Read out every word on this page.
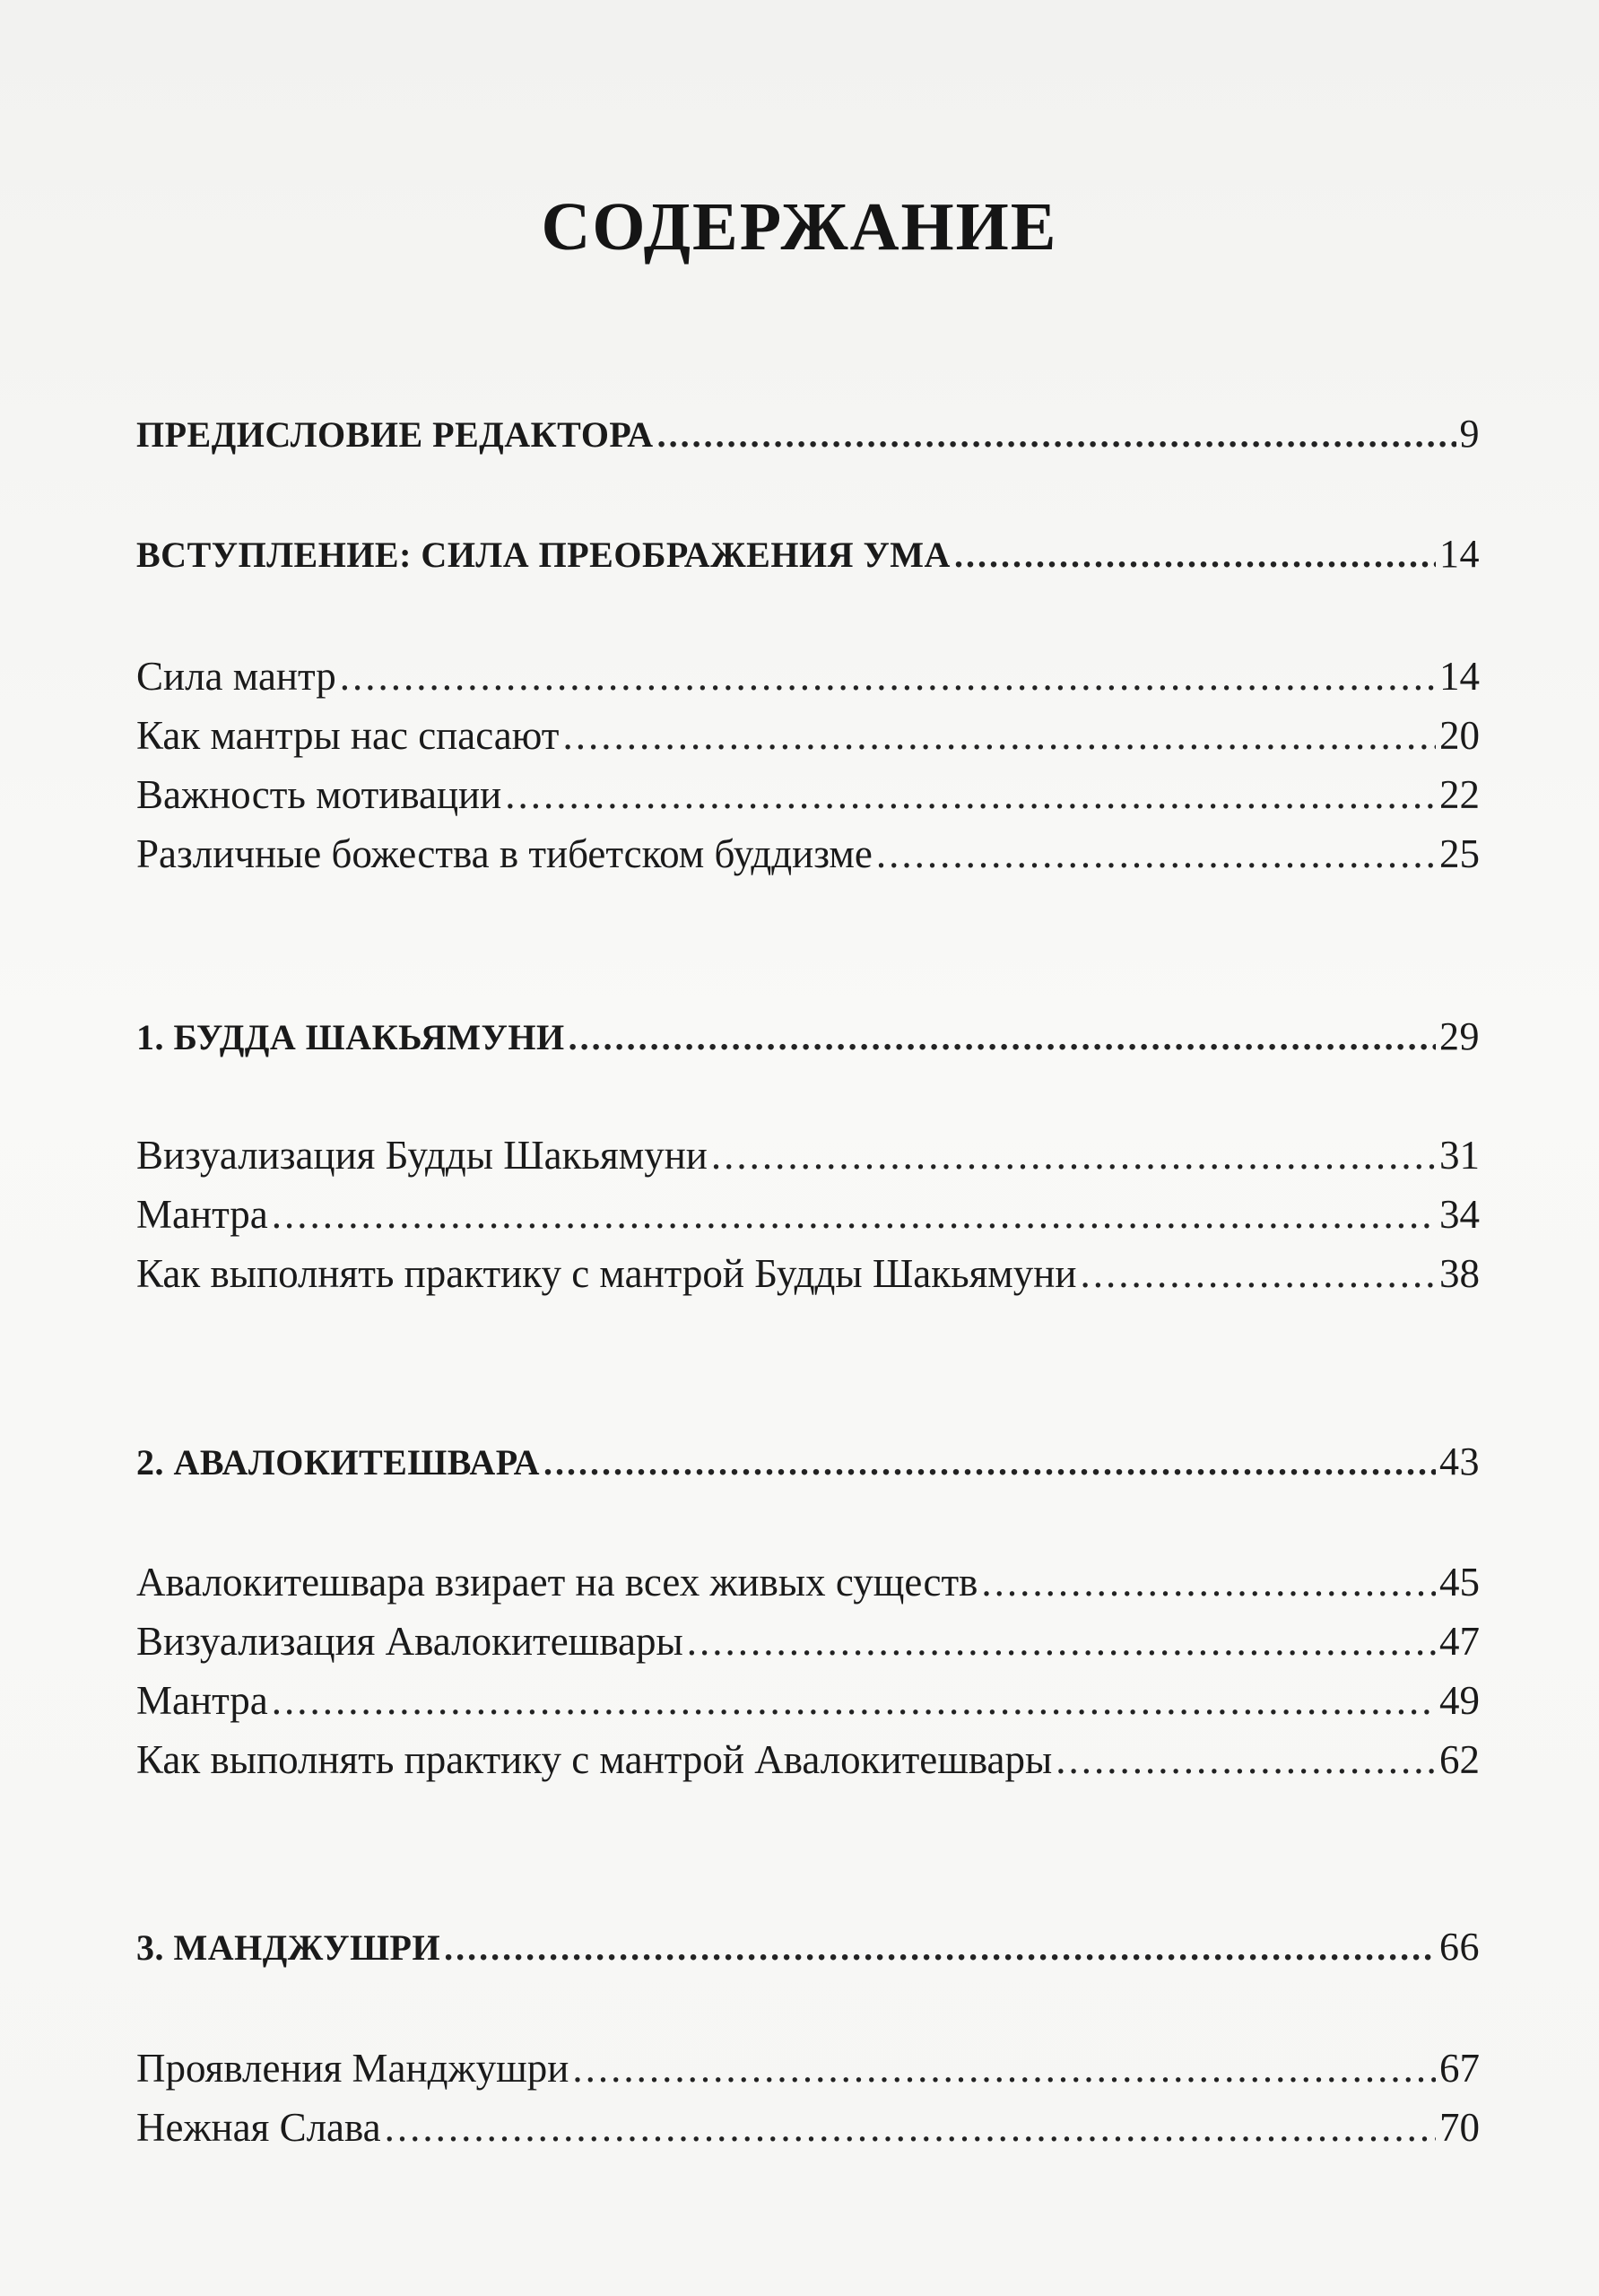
СОДЕРЖАНИЕ
ПРЕДИСЛОВИЕ РЕДАКТОРА .....	9
ВСТУПЛЕНИЕ: СИЛА ПРЕОБРАЖЕНИЯ УМА .....	14
Сила мантр .....	14
Как мантры нас спасают .....	20
Важность мотивации .....	22
Различные божества в тибетском буддизме .....	25
1. БУДДА ШАКЬЯМУНИ .....	29
Визуализация Будды Шакьямуни .....	31
Мантра .....	34
Как выполнять практику с мантрой Будды Шакьямуни .....	38
2. АВАЛОКИТЕШВАРА .....	43
Авалокитешвара взирает на всех живых существ .....	45
Визуализация Авалокитешвары .....	47
Мантра .....	49
Как выполнять практику с мантрой Авалокитешвары .....	62
3. МАНДЖУШРИ .....	66
Проявления Манджушри .....	67
Нежная Слава .....	70
